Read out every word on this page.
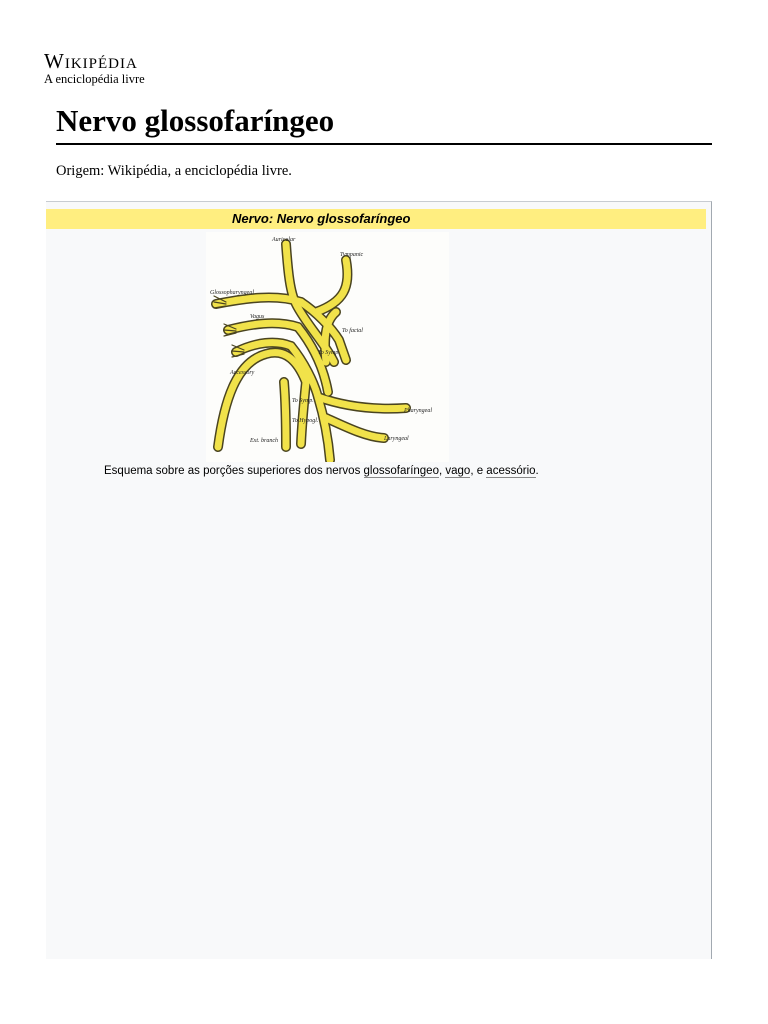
Wikipédia
A enciclopédia livre
Nervo glossofaríngeo
Origem: Wikipédia, a enciclopédia livre.
Nervo: Nervo glossofaríngeo
Auricular
Tympanic
Glossopharyngeal
Vagus
To facial
To Symp.
Accessory
Pharyngeal
Laryngeal
Ext. branch
To Hypogl.
To Symp.
Esquema sobre as porções superiores dos nervos glossofaríngeo, vago, e acessório.
